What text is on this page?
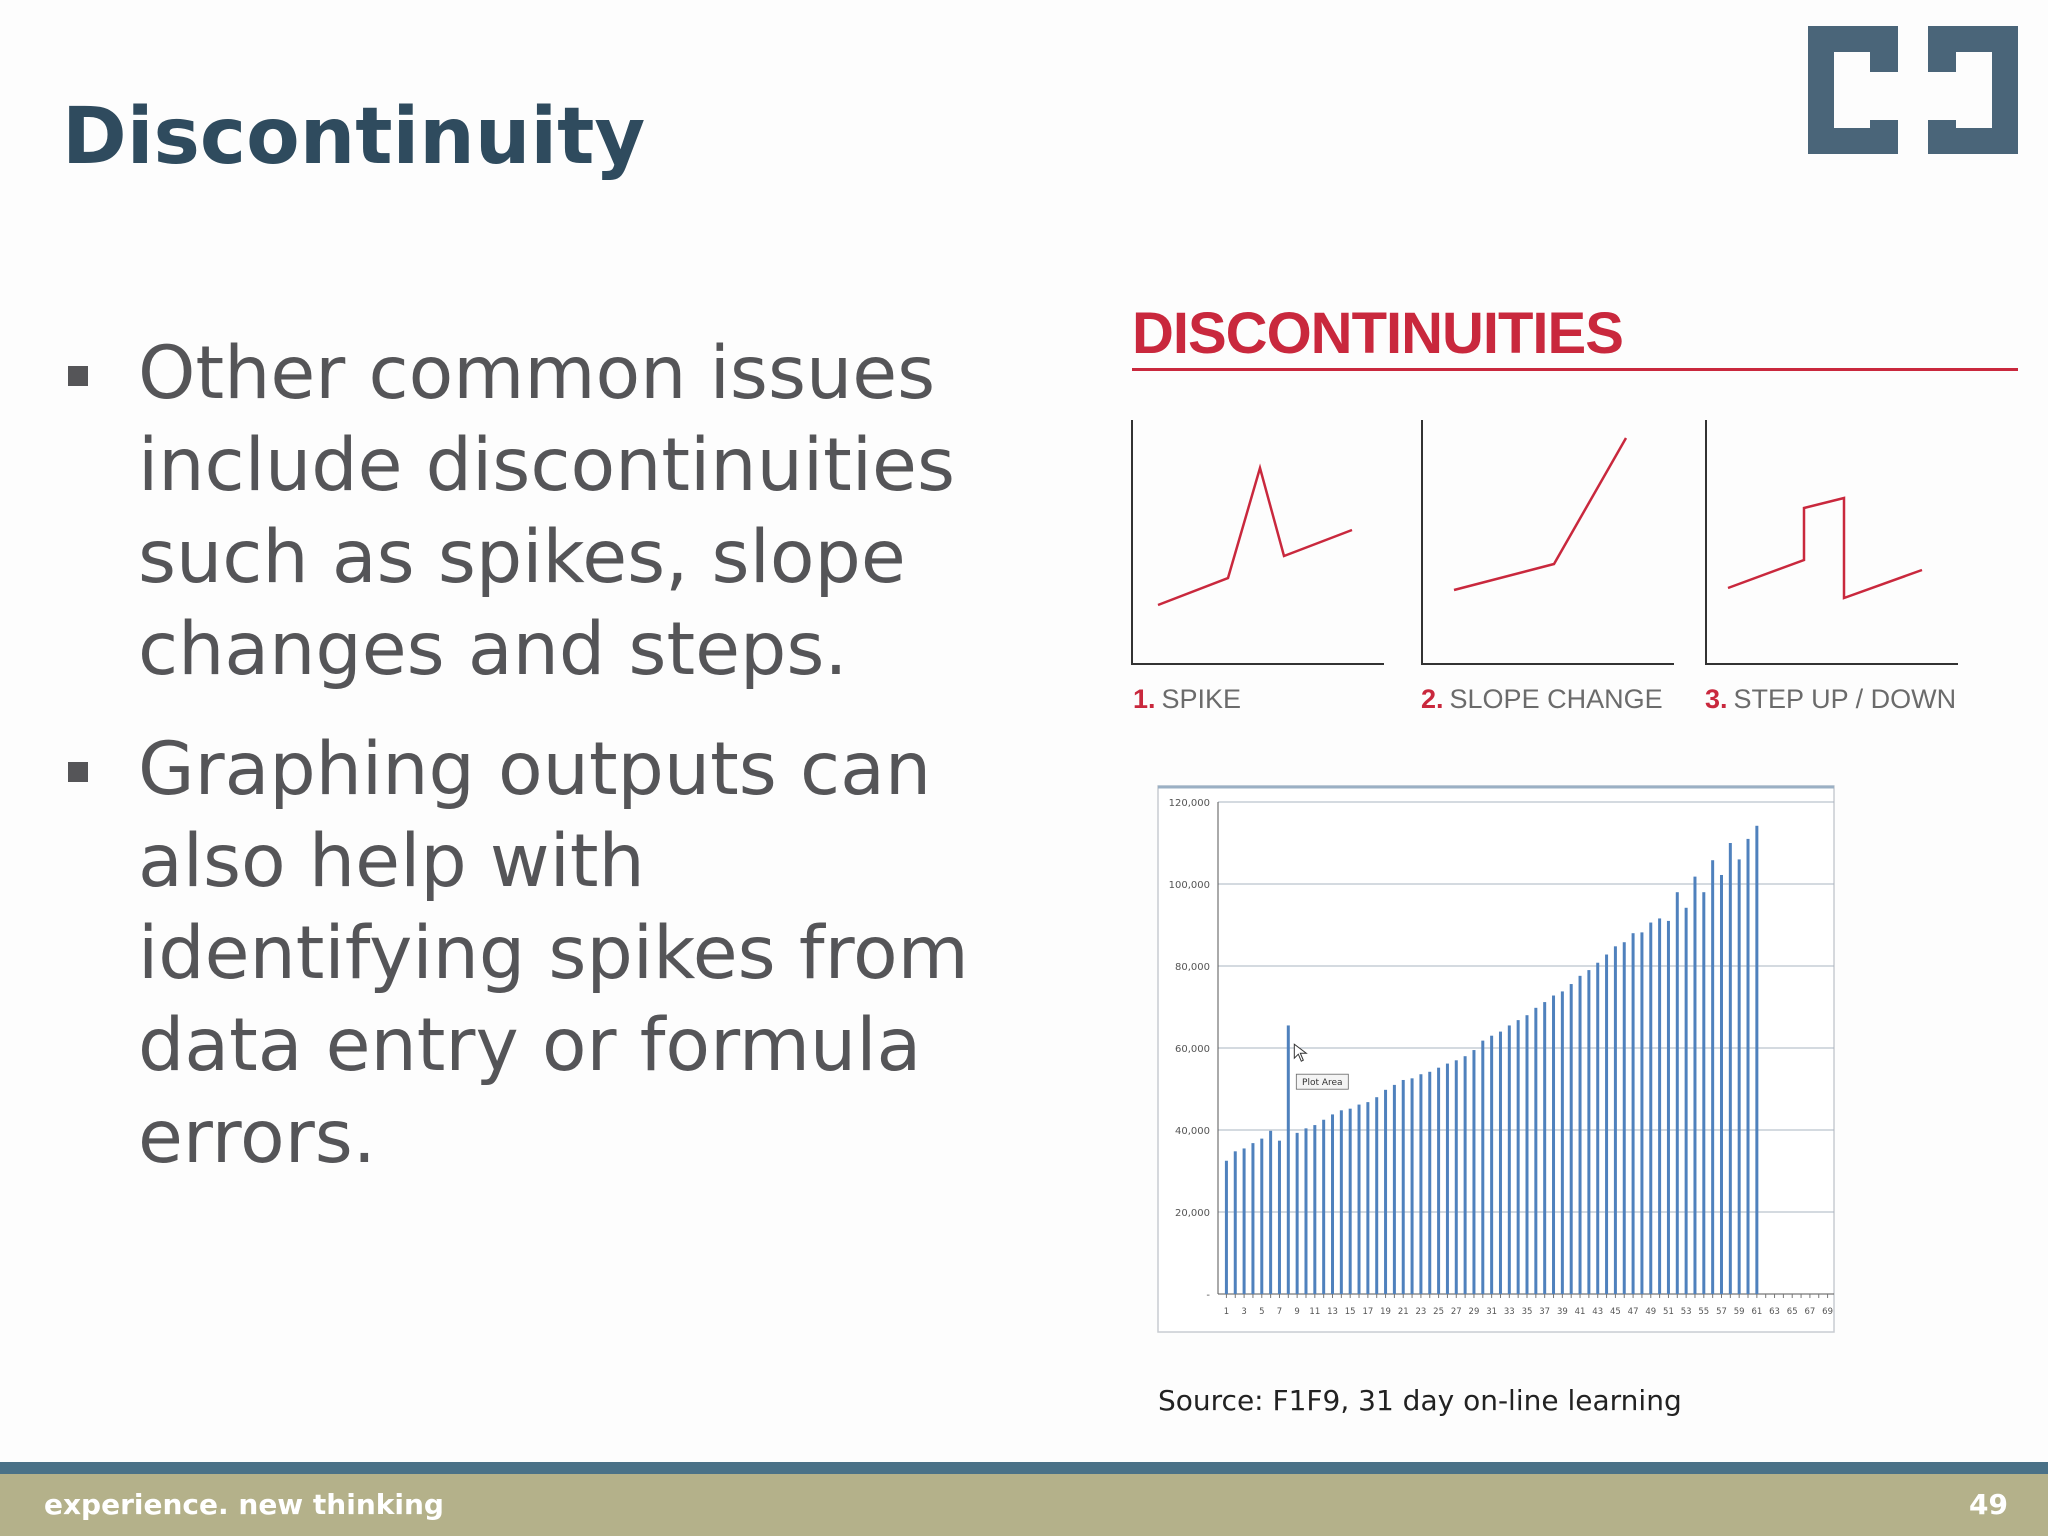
Discontinuity
Other common issues include discontinuities such as spikes, slope changes and steps.
Graphing outputs can also help with identifying spikes from data entry or formula errors.
DISCONTINUITIES
1. SPIKE	2. SLOPE CHANGE 3. STEP UP / DOWN
-
20,000
40,000
60,000
80,000
100,000
120,000
1 3 5 7 9 11 13 15 17 19 21 23 25 27 29 31 33 35 37 39 41 43 45 47 49 51 53 55 57 59 61 63 65 67 69
Plot Area
Source: F1F9, 31 day on-line learning
experience. new thinking	49
